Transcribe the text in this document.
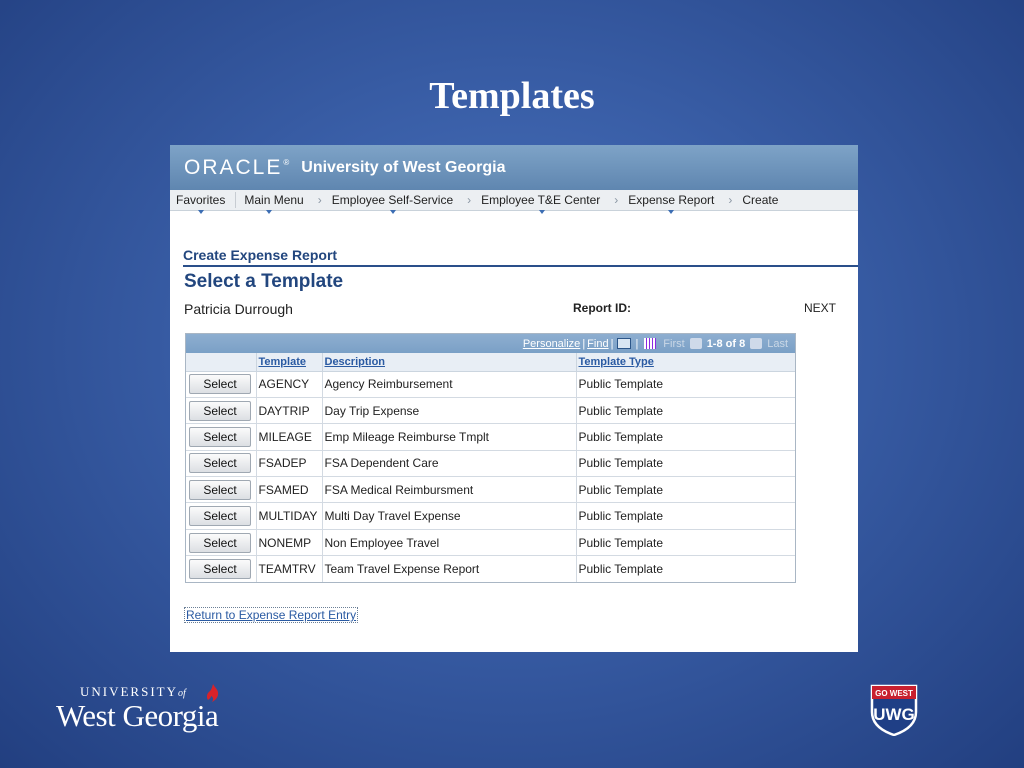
Templates
ORACLE ® University of West Georgia
Favorites	Main Menu	› Employee Self-Service	› Employee T&E Center	› Expense Report	› Create
Create Expense Report
Select a Template
Patricia Durrough	Report ID:	NEXT
Personalize | Find | | First 1-8 of 8 Last
	Template	Description	Template Type
Select	AGENCY	Agency Reimbursement	Public Template
Select	DAYTRIP	Day Trip Expense	Public Template
Select	MILEAGE	Emp Mileage Reimburse Tmplt	Public Template
Select	FSADEP	FSA Dependent Care	Public Template
Select	FSAMED	FSA Medical Reimbursment	Public Template
Select	MULTIDAY	Multi Day Travel Expense	Public Template
Select	NONEMP	Non Employee Travel	Public Template
Select	TEAMTRV	Team Travel Expense Report	Public Template
Return to Expense Report Entry
UNIVERSITYof
West Georgia
GO WEST
UWG
